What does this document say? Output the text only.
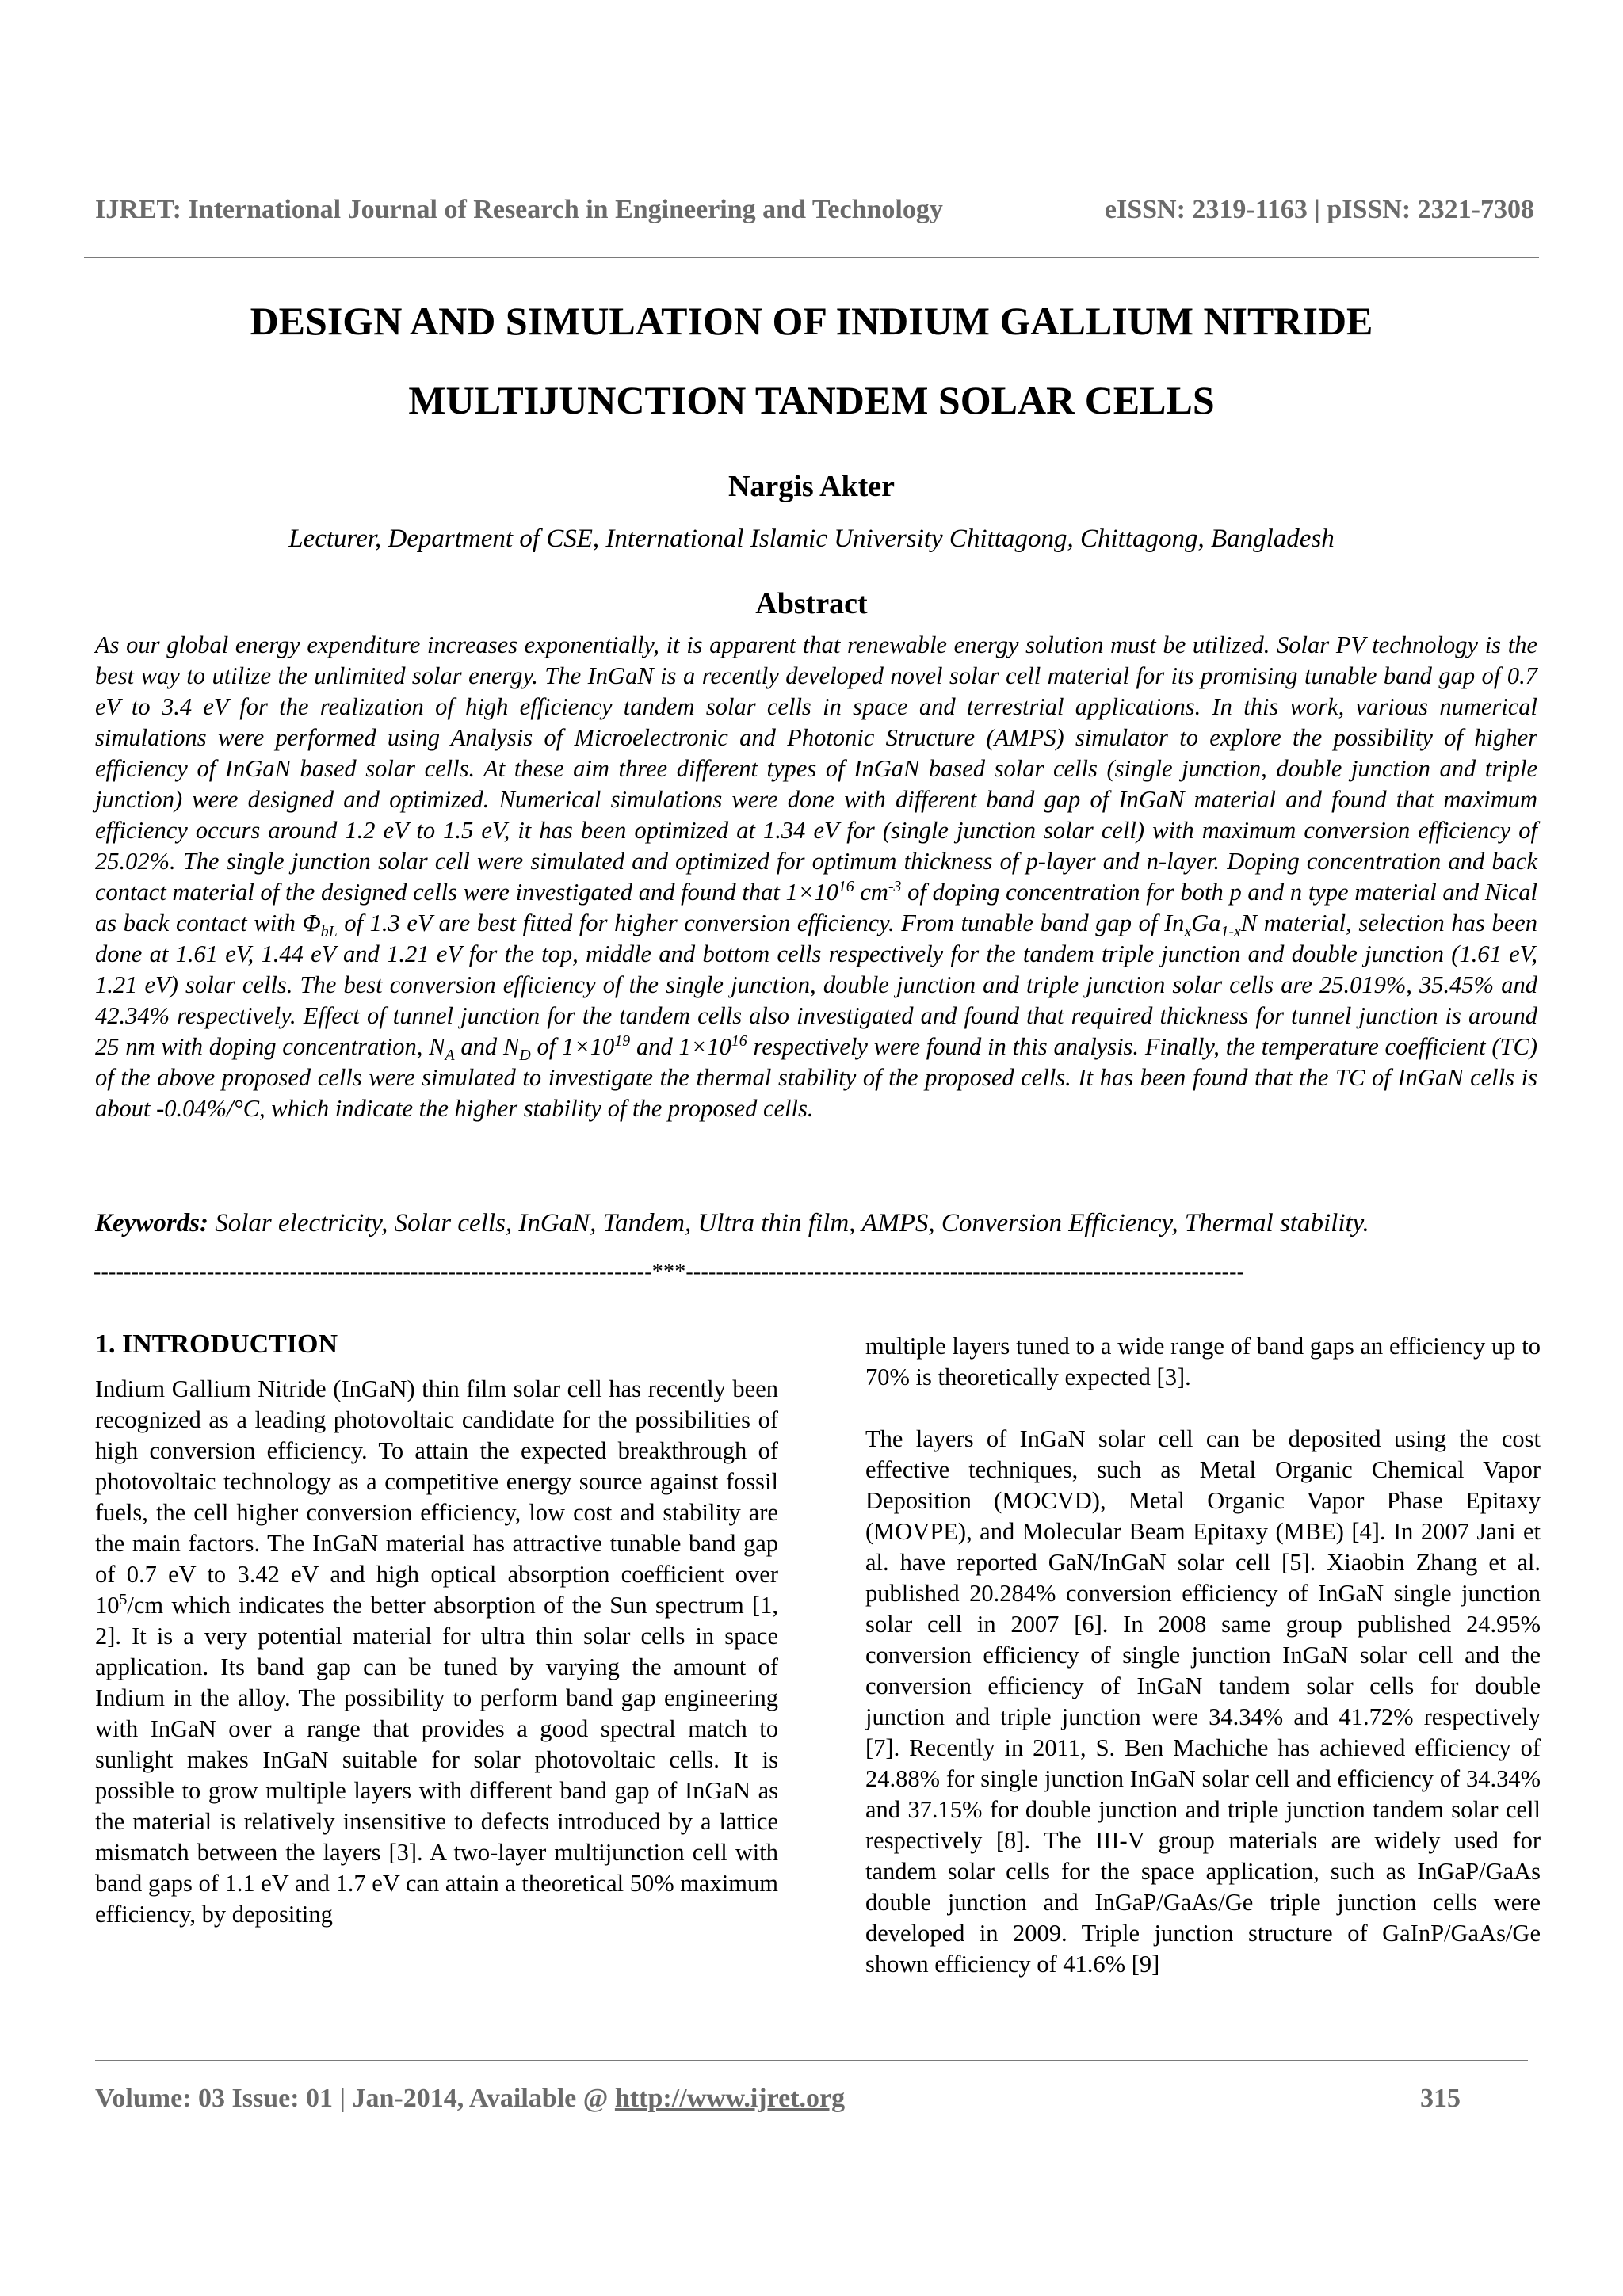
IJRET: International Journal of Research in Engineering and Technology	eISSN: 2319-1163 | pISSN: 2321-7308
DESIGN AND SIMULATION OF INDIUM GALLIUM NITRIDE
MULTIJUNCTION TANDEM SOLAR CELLS
Nargis Akter
Lecturer, Department of CSE, International Islamic University Chittagong, Chittagong, Bangladesh
Abstract

As our global energy expenditure increases exponentially, it is apparent that renewable energy solution must be utilized. Solar PV technology is the best way to utilize the unlimited solar energy. The InGaN is a recently developed novel solar cell material for its promising tunable band gap of 0.7 eV to 3.4 eV for the realization of high efficiency tandem solar cells in space and terrestrial applications. In this work, various numerical simulations were performed using Analysis of Microelectronic and Photonic Structure (AMPS) simulator to explore the possibility of higher efficiency of InGaN based solar cells. At these aim three different types of InGaN based solar cells (single junction, double junction and triple junction) were designed and optimized. Numerical simulations were done with different band gap of InGaN material and found that maximum efficiency occurs around 1.2 eV to 1.5 eV, it has been optimized at 1.34 eV for (single junction solar cell) with maximum conversion efficiency of 25.02%. The single junction solar cell were simulated and optimized for optimum thickness of p-layer and n-layer. Doping concentration and back contact material of the designed cells were investigated and found that $1\times 10^{16}$ $cm^{-3}$ of doping concentration for both p and n type material and Nical as back contact with $\Phi_{bL}$ of 1.3 eV are best fitted for higher conversion efficiency. From tunable band gap of $In_xGa_{1-x}N$ material, selection has been done at 1.61 eV, 1.44 eV and 1.21 eV for the top, middle and bottom cells respectively for the tandem triple junction and double junction (1.61 eV, 1.21 eV) solar cells. The best conversion efficiency of the single junction, double junction and triple junction solar cells are 25.019%, 35.45% and 42.34% respectively. Effect of tunnel junction for the tandem cells also investigated and found that required thickness for tunnel junction is around 25 nm with doping concentration, $N_A$ and $N_D$ of $1\times 10^{19}$ and $1\times 10^{16}$ respectively were found in this analysis. Finally, the temperature coefficient (TC) of the above proposed cells were simulated to investigate the thermal stability of the proposed cells. It has been found that the TC of InGaN cells is about -0.04%/°C, which indicate the higher stability of the proposed cells.

Keywords: Solar electricity, Solar cells, InGaN, Tandem, Ultra thin film, AMPS, Conversion Efficiency, Thermal stability.
--------------------------------------------------------------------------***--------------------------------------------------------------------------
1. INTRODUCTION

Indium Gallium Nitride (InGaN) thin film solar cell has recently been recognized as a leading photovoltaic candidate for the possibilities of high conversion efficiency. To attain the expected breakthrough of photovoltaic technology as a competitive energy source against fossil fuels, the cell higher conversion efficiency, low cost and stability are the main factors. The InGaN material has attractive tunable band gap of 0.7 eV to 3.42 eV and high optical absorption coefficient over $10^5/cm$ which indicates the better absorption of the Sun spectrum [1, 2]. It is a very potential material for ultra thin solar cells in space application. Its band gap can be tuned by varying the amount of Indium in the alloy. The possibility to perform band gap engineering with InGaN over a range that provides a good spectral match to sunlight makes InGaN suitable for solar photovoltaic cells. It is possible to grow multiple layers with different band gap of InGaN as the material is relatively insensitive to defects introduced by a lattice mismatch between the layers [3]. A two-layer multijunction cell with band gaps of 1.1 eV and 1.7 eV can attain a theoretical 50% maximum efficiency, by depositing

multiple layers tuned to a wide range of band gaps an efficiency up to 70% is theoretically expected [3].

The layers of InGaN solar cell can be deposited using the cost effective techniques, such as Metal Organic Chemical Vapor Deposition (MOCVD), Metal Organic Vapor Phase Epitaxy (MOVPE), and Molecular Beam Epitaxy (MBE) [4]. In 2007 Jani et al. have reported GaN/InGaN solar cell [5]. Xiaobin Zhang et al. published 20.284% conversion efficiency of InGaN single junction solar cell in 2007 [6]. In 2008 same group published 24.95% conversion efficiency of single junction InGaN solar cell and the conversion efficiency of InGaN tandem solar cells for double junction and triple junction were 34.34% and 41.72% respectively [7]. Recently in 2011, S. Ben Machiche has achieved efficiency of 24.88% for single junction InGaN solar cell and efficiency of 34.34% and 37.15% for double junction and triple junction tandem solar cell respectively [8]. The III-V group materials are widely used for tandem solar cells for the space application, such as InGaP/GaAs double junction and InGaP/GaAs/Ge triple junction cells were developed in 2009. Triple junction structure of GaInP/GaAs/Ge shown efficiency of 41.6% [9]

Volume: 03 Issue: 01 | Jan-2014, Available @ http://www.ijret.org	315
